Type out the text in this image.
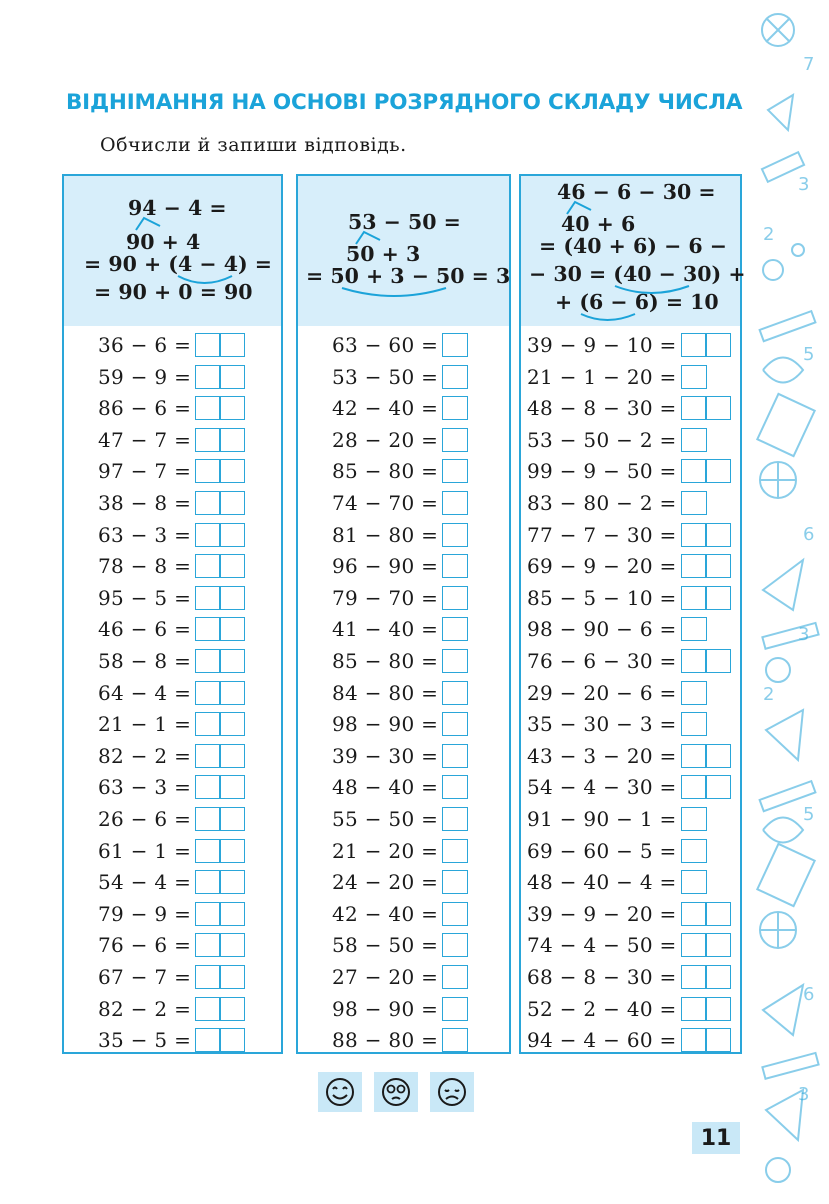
7
3
2
5
6
3
2
5
6
3
ВІДНІМАННЯ НА ОСНОВІ РОЗРЯДНОГО СКЛАДУ ЧИСЛА
Обчисли й запиши відповідь.
94 − 4 =
90 + 4
= 90 + (4 − 4) =
= 90 + 0 = 90
36 − 6 =
59 − 9 =
86 − 6 =
47 − 7 =
97 − 7 =
38 − 8 =
63 − 3 =
78 − 8 =
95 − 5 =
46 − 6 =
58 − 8 =
64 − 4 =
21 − 1 =
82 − 2 =
63 − 3 =
26 − 6 =
61 − 1 =
54 − 4 =
79 − 9 =
76 − 6 =
67 − 7 =
82 − 2 =
35 − 5 =
53 − 50 =
50 + 3
= 50 + 3 − 50 = 3
63 − 60 =
53 − 50 =
42 − 40 =
28 − 20 =
85 − 80 =
74 − 70 =
81 − 80 =
96 − 90 =
79 − 70 =
41 − 40 =
85 − 80 =
84 − 80 =
98 − 90 =
39 − 30 =
48 − 40 =
55 − 50 =
21 − 20 =
24 − 20 =
42 − 40 =
58 − 50 =
27 − 20 =
98 − 90 =
88 − 80 =
46 − 6 − 30 =
40 + 6
= (40 + 6) − 6 −
− 30 = (40 − 30) +
+ (6 − 6) = 10
39 − 9 − 10 =
21 − 1 − 20 =
48 − 8 − 30 =
53 − 50 − 2 =
99 − 9 − 50 =
83 − 80 − 2 =
77 − 7 − 30 =
69 − 9 − 20 =
85 − 5 − 10 =
98 − 90 − 6 =
76 − 6 − 30 =
29 − 20 − 6 =
35 − 30 − 3 =
43 − 3 − 20 =
54 − 4 − 30 =
91 − 90 − 1 =
69 − 60 − 5 =
48 − 40 − 4 =
39 − 9 − 20 =
74 − 4 − 50 =
68 − 8 − 30 =
52 − 2 − 40 =
94 − 4 − 60 =
11
